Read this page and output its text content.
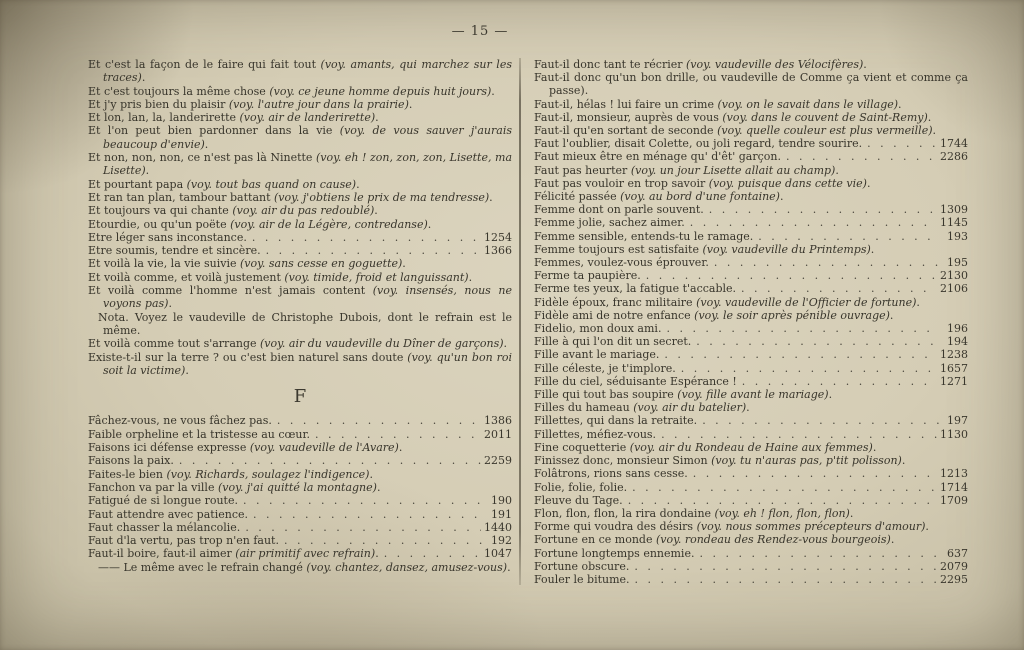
— 15 —
Et c'est la façon de le faire qui fait tout (voy. amants, qui marchez sur les traces).
Et c'est toujours la même chose (voy. ce jeune homme depuis huit jours).
Et j'y pris bien du plaisir (voy. l'autre jour dans la prairie).
Et lon, lan, la, landerirette (voy. air de landerirette).
Et l'on peut bien pardonner dans la vie (voy. de vous sauver j'aurais beaucoup d'envie).
Et non, non, non, ce n'est pas là Ninette (voy. eh ! zon, zon, zon, Lisette, ma Lisette).
Et pourtant papa (voy. tout bas quand on cause).
Et ran tan plan, tambour battant (voy. j'obtiens le prix de ma tendresse).
Et toujours va qui chante (voy. air du pas redoublé).
Etourdie, ou qu'un poëte (voy. air de la Légère, contredanse).
Etre léger sans inconstance. . . .	1254
Etre soumis, tendre et sincère. . . .	1366
Et voilà la vie, la vie suivie (voy. sans cesse en goguette).
Et voilà comme, et voilà justement (voy. timide, froid et languissant).
Et voilà comme l'homme n'est jamais content (voy. insensés, nous ne voyons pas).
Nota. Voyez le vaudeville de Christophe Dubois, dont le refrain est le même.
Et voilà comme tout s'arrange (voy. air du vaudeville du Dîner de garçons).
Existe-t-il sur la terre ? ou c'est bien naturel sans doute (voy. qu'un bon roi soit la victime).
F
Fâchez-vous, ne vous fâchez pas. . . .	1386
Faible orpheline et la tristesse au cœur. . . .	2011
Faisons ici défense expresse (voy. vaudeville de l'Avare).
Faisons la paix. . . .	2259
Faites-le bien (voy. Richards, soulagez l'indigence).
Fanchon va par la ville (voy. j'ai quitté la montagne).
Fatigué de si longue route. . . .	190
Faut attendre avec patience. . . .	191
Faut chasser la mélancolie. . . .	1440
Faut d'la vertu, pas trop n'en faut. . . .	192
Faut-il boire, faut-il aimer (air primitif avec refrain). . . .	1047
—— Le même avec le refrain changé (voy. chantez, dansez, amusez-vous).
Faut-il donc tant te récrier (voy. vaudeville des Vélocifères).
Faut-il donc qu'un bon drille, ou vaudeville de Comme ça vient et comme ça passe).
Faut-il, hélas ! lui faire un crime (voy. on le savait dans le village).
Faut-il, monsieur, auprès de vous (voy. dans le couvent de Saint-Remy).
Faut-il qu'en sortant de seconde (voy. quelle couleur est plus vermeille).
Faut l'oublier, disait Colette, ou joli regard, tendre sourire. . . .	1744
Faut mieux être en ménage qu' d'êt' garçon. . . .	2286
Faut pas heurter (voy. un jour Lisette allait au champ).
Faut pas vouloir en trop savoir (voy. puisque dans cette vie).
Félicité passée (voy. au bord d'une fontaine).
Femme dont on parle souvent. . . .	1309
Femme jolie, sachez aimer. . . .	1145
Femme sensible, entends-tu le ramage. . . .	193
Femme toujours est satisfaite (voy. vaudeville du Printemps).
Femmes, voulez-vous éprouver. . . .	195
Ferme ta paupière. . . .	2130
Ferme tes yeux, la fatigue t'accable. . . .	2106
Fidèle époux, franc militaire (voy. vaudeville de l'Officier de fortune).
Fidèle ami de notre enfance (voy. le soir après pénible ouvrage).
Fidelio, mon doux ami. . . .	196
Fille à qui l'on dit un secret. . . .	194
Fille avant le mariage. . . .	1238
Fille céleste, je t'implore. . . .	1657
Fille du ciel, séduisante Espérance ! . . .	1271
Fille qui tout bas soupire (voy. fille avant le mariage).
Filles du hameau (voy. air du batelier).
Fillettes, qui dans la retraite. . . .	197
Fillettes, méfiez-vous. . . .	1130
Fine coquetterie (voy. air du Rondeau de Haine aux femmes).
Finissez donc, monsieur Simon (voy. tu n'auras pas, p'tit polisson).
Folâtrons, rions sans cesse. . . .	1213
Folie, folie, folie. . . .	1714
Fleuve du Tage. . . .	1709
Flon, flon, flon, la rira dondaine (voy. eh ! flon, flon, flon).
Forme qui voudra des désirs (voy. nous sommes précepteurs d'amour).
Fortune en ce monde (voy. rondeau des Rendez-vous bourgeois).
Fortune longtemps ennemie. . . .	637
Fortune obscure. . . .	2079
Fouler le bitume. . . .	2295
